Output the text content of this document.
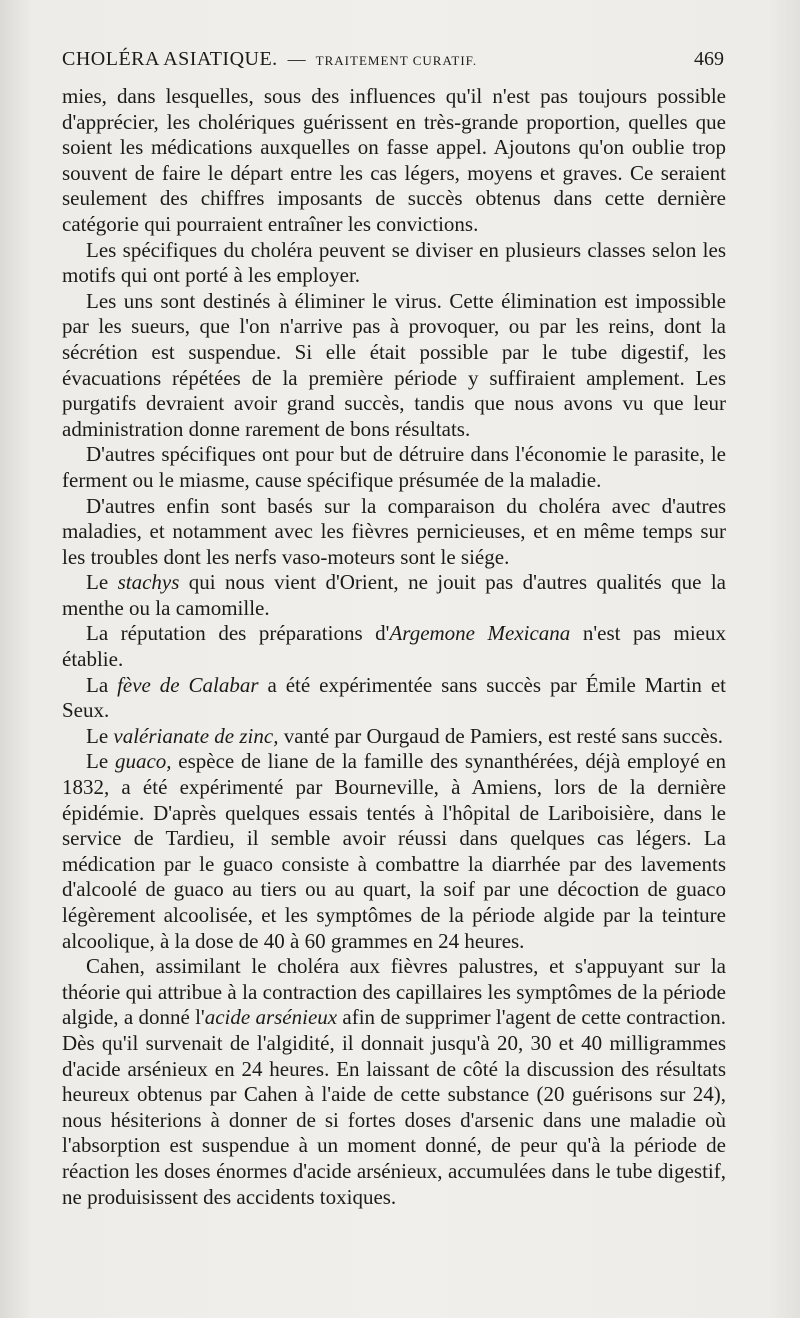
CHOLÉRA ASIATIQUE. — TRAITEMENT CURATIF.	469

mies, dans lesquelles, sous des influences qu'il n'est pas toujours possible d'apprécier, les cholériques guérissent en très-grande proportion, quelles que soient les médications auxquelles on fasse appel. Ajoutons qu'on oublie trop souvent de faire le départ entre les cas légers, moyens et graves. Ce seraient seulement des chiffres imposants de succès obtenus dans cette dernière catégorie qui pourraient entraîner les convictions.

Les spécifiques du choléra peuvent se diviser en plusieurs classes selon les motifs qui ont porté à les employer.

Les uns sont destinés à éliminer le virus. Cette élimination est impossible par les sueurs, que l'on n'arrive pas à provoquer, ou par les reins, dont la sécrétion est suspendue. Si elle était possible par le tube digestif, les évacuations répétées de la première période y suffiraient amplement. Les purgatifs devraient avoir grand succès, tandis que nous avons vu que leur administration donne rarement de bons résultats.

D'autres spécifiques ont pour but de détruire dans l'économie le parasite, le ferment ou le miasme, cause spécifique présumée de la maladie.

D'autres enfin sont basés sur la comparaison du choléra avec d'autres maladies, et notamment avec les fièvres pernicieuses, et en même temps sur les troubles dont les nerfs vaso-moteurs sont le siége.

Le stachys qui nous vient d'Orient, ne jouit pas d'autres qualités que la menthe ou la camomille.

La réputation des préparations d'Argemone Mexicana n'est pas mieux établie.

La fève de Calabar a été expérimentée sans succès par Émile Martin et Seux.

Le valérianate de zinc, vanté par Ourgaud de Pamiers, est resté sans succès.

Le guaco, espèce de liane de la famille des synanthérées, déjà employé en 1832, a été expérimenté par Bourneville, à Amiens, lors de la dernière épidémie. D'après quelques essais tentés à l'hôpital de Lariboisière, dans le service de Tardieu, il semble avoir réussi dans quelques cas légers. La médication par le guaco consiste à combattre la diarrhée par des lavements d'alcoolé de guaco au tiers ou au quart, la soif par une décoction de guaco légèrement alcoolisée, et les symptômes de la période algide par la teinture alcoolique, à la dose de 40 à 60 grammes en 24 heures.

Cahen, assimilant le choléra aux fièvres palustres, et s'appuyant sur la théorie qui attribue à la contraction des capillaires les symptômes de la période algide, a donné l'acide arsénieux afin de supprimer l'agent de cette contraction. Dès qu'il survenait de l'algidité, il donnait jusqu'à 20, 30 et 40 milligrammes d'acide arsénieux en 24 heures. En laissant de côté la discussion des résultats heureux obtenus par Cahen à l'aide de cette substance (20 guérisons sur 24), nous hésiterions à donner de si fortes doses d'arsenic dans une maladie où l'absorption est suspendue à un moment donné, de peur qu'à la période de réaction les doses énormes d'acide arsénieux, accumulées dans le tube digestif, ne produisissent des accidents toxiques.
